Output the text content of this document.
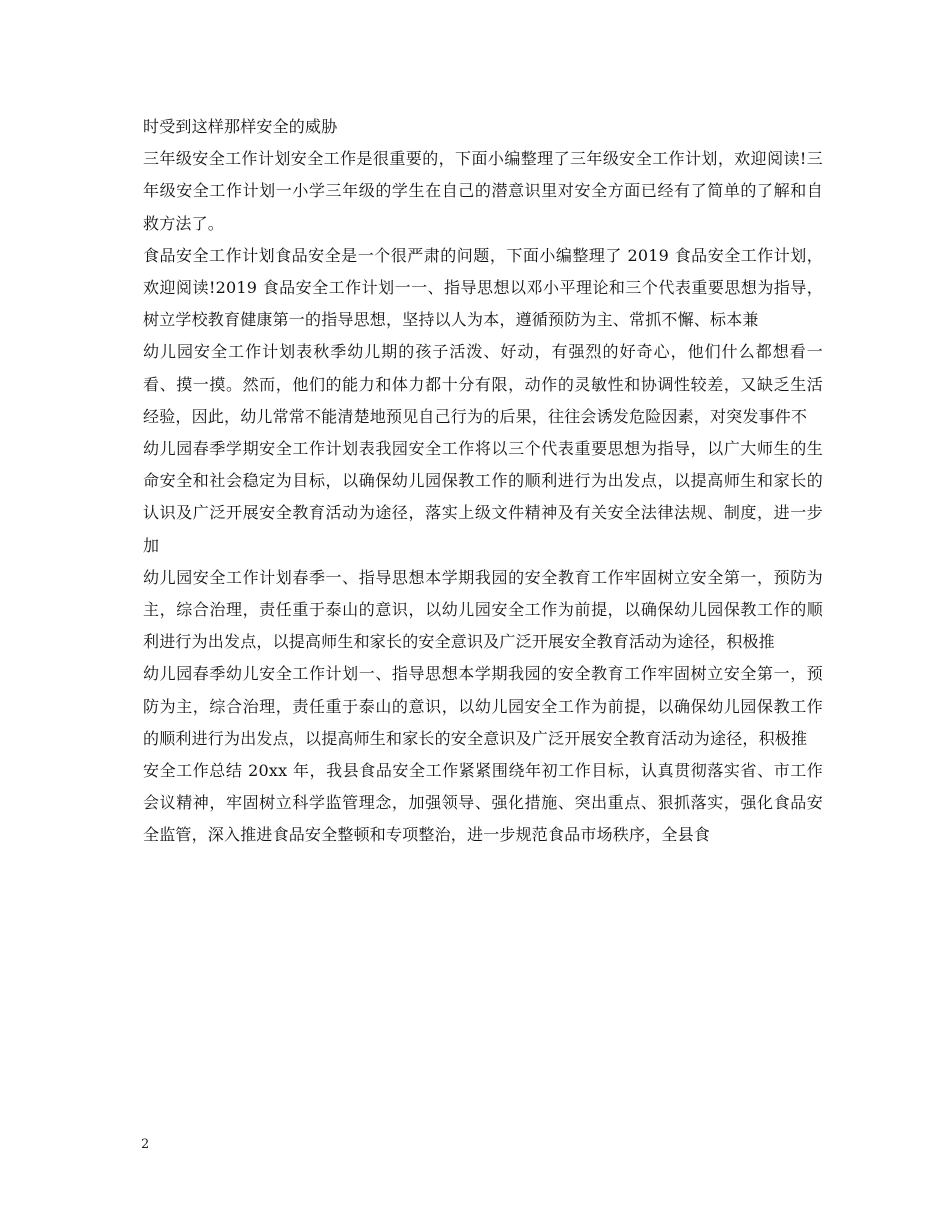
时受到这样那样安全的威胁

三年级安全工作计划安全工作是很重要的，下面小编整理了三年级安全工作计划，欢迎阅读!三年级安全工作计划一小学三年级的学生在自己的潜意识里对安全方面已经有了简单的了解和自救方法了。

食品安全工作计划食品安全是一个很严肃的问题，下面小编整理了 2019 食品安全工作计划，欢迎阅读!2019 食品安全工作计划一一、指导思想以邓小平理论和三个代表重要思想为指导，树立学校教育健康第一的指导思想，坚持以人为本，遵循预防为主、常抓不懈、标本兼

幼儿园安全工作计划表秋季幼儿期的孩子活泼、好动，有强烈的好奇心，他们什么都想看一看、摸一摸。然而，他们的能力和体力都十分有限，动作的灵敏性和协调性较差，又缺乏生活经验，因此，幼儿常常不能清楚地预见自己行为的后果，往往会诱发危险因素，对突发事件不

幼儿园春季学期安全工作计划表我园安全工作将以三个代表重要思想为指导，以广大师生的生命安全和社会稳定为目标，以确保幼儿园保教工作的顺利进行为出发点，以提高师生和家长的认识及广泛开展安全教育活动为途径，落实上级文件精神及有关安全法律法规、制度，进一步加

幼儿园安全工作计划春季一、指导思想本学期我园的安全教育工作牢固树立安全第一，预防为主，综合治理，责任重于泰山的意识，以幼儿园安全工作为前提，以确保幼儿园保教工作的顺利进行为出发点，以提高师生和家长的安全意识及广泛开展安全教育活动为途径，积极推

幼儿园春季幼儿安全工作计划一、指导思想本学期我园的安全教育工作牢固树立安全第一，预防为主，综合治理，责任重于泰山的意识，以幼儿园安全工作为前提，以确保幼儿园保教工作的顺利进行为出发点，以提高师生和家长的安全意识及广泛开展安全教育活动为途径，积极推

安全工作总结 20xx 年，我县食品安全工作紧紧围绕年初工作目标，认真贯彻落实省、市工作会议精神，牢固树立科学监管理念，加强领导、强化措施、突出重点、狠抓落实，强化食品安全监管，深入推进食品安全整顿和专项整治，进一步规范食品市场秩序，全县食

2
